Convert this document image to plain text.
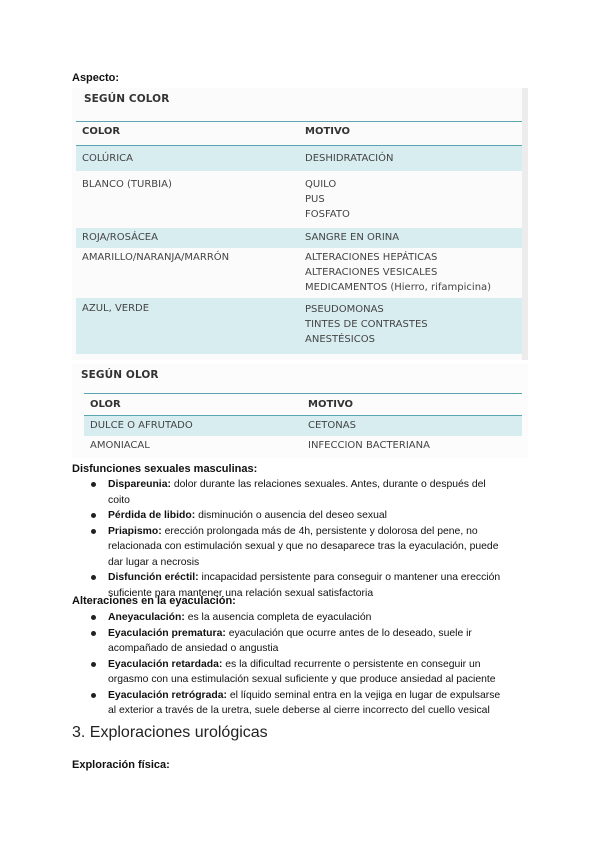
Aspecto:
SEGÚN COLOR
COLOR	MOTIVO
COLÚRICA	DESHIDRATACIÓN
BLANCO (TURBIA)	QUILO
PUS
FOSFATO
ROJA/ROSÁCEA	SANGRE EN ORINA
AMARILLO/NARANJA/MARRÓN	ALTERACIONES HEPÁTICAS
ALTERACIONES VESICALES
MEDICAMENTOS (Hierro, rifampicina)
AZUL, VERDE	PSEUDOMONAS
TINTES DE CONTRASTES
ANESTÉSICOS
SEGÚN OLOR
OLOR	MOTIVO
DULCE O AFRUTADO	CETONAS
AMONIACAL	INFECCION BACTERIANA
Disfunciones sexuales masculinas:
Dispareunia: dolor durante las relaciones sexuales. Antes, durante o después del coito
Pérdida de libido: disminución o ausencia del deseo sexual
Priapismo: erección prolongada más de 4h, persistente y dolorosa del pene, no relacionada con estimulación sexual y que no desaparece tras la eyaculación, puede dar lugar a necrosis
Disfunción eréctil: incapacidad persistente para conseguir o mantener una erección suficiente para mantener una relación sexual satisfactoria
Alteraciones en la eyaculación:
Aneyaculación: es la ausencia completa de eyaculación
Eyaculación prematura: eyaculación que ocurre antes de lo deseado, suele ir acompañado de ansiedad o angustia
Eyaculación retardada: es la dificultad recurrente o persistente en conseguir un orgasmo con una estimulación sexual suficiente y que produce ansiedad al paciente
Eyaculación retrógrada: el líquido seminal entra en la vejiga en lugar de expulsarse al exterior a través de la uretra, suele deberse al cierre incorrecto del cuello vesical
3. Exploraciones urológicas
Exploración física:
